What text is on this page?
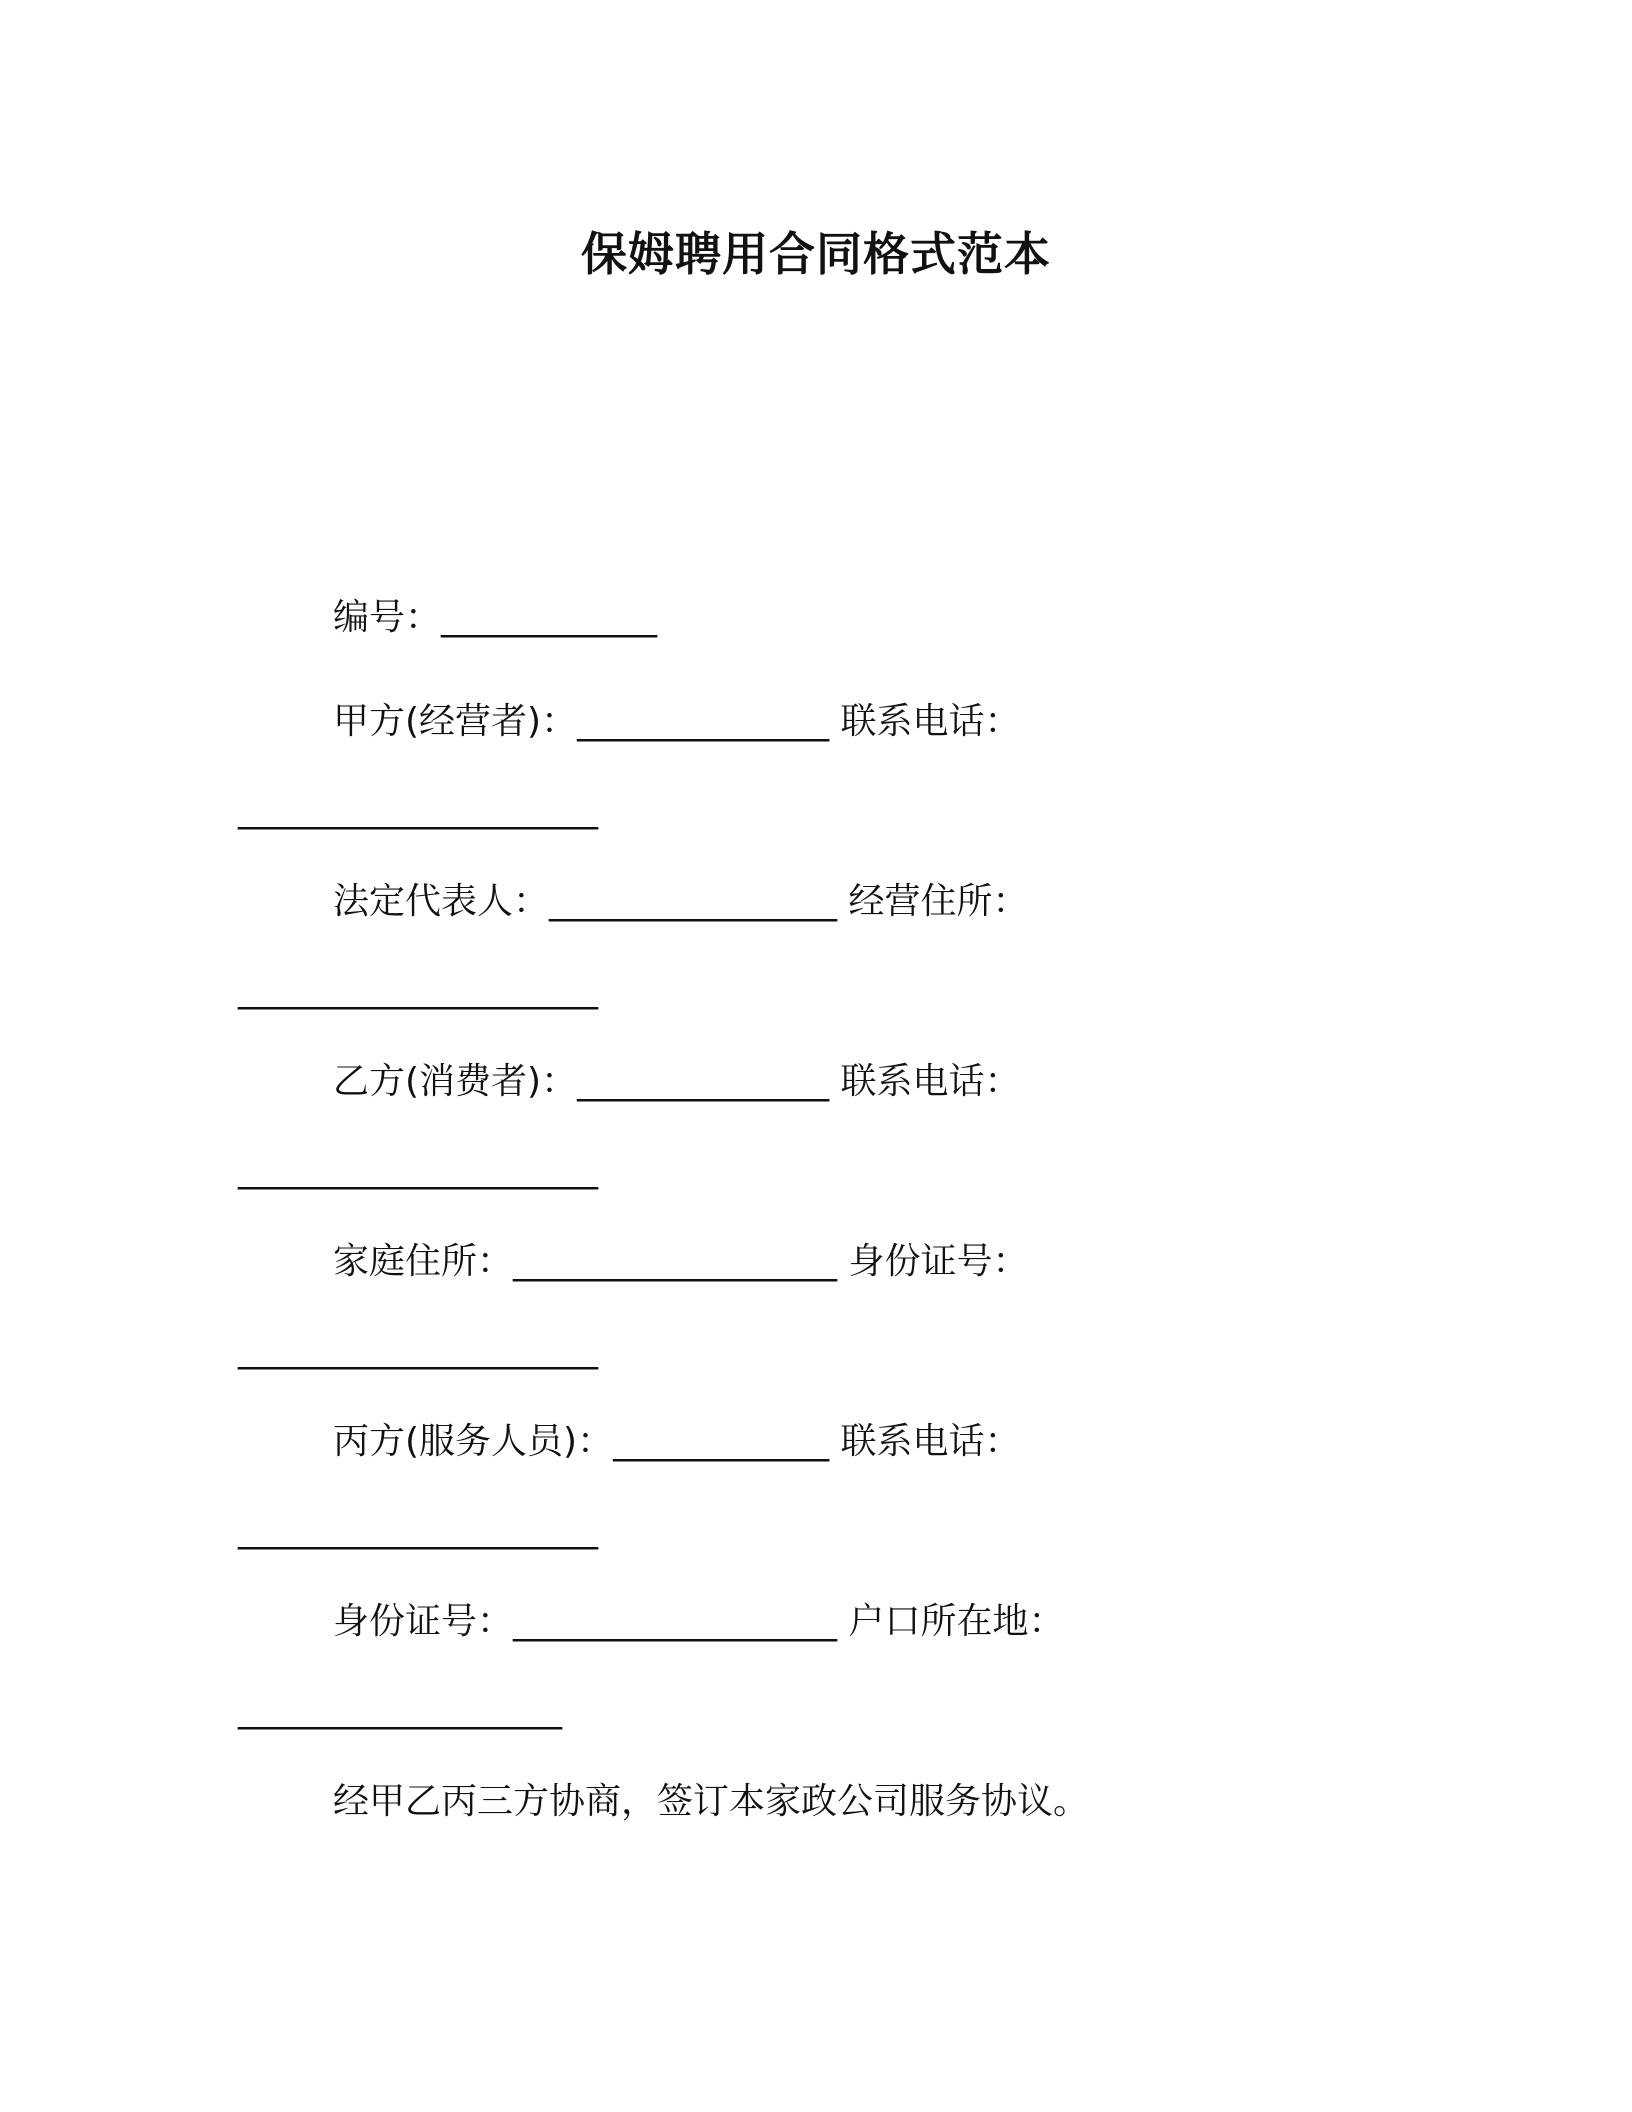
保姆聘用合同格式范本

编号：____________

甲方(经营者)：______________ 联系电话：

____________________

法定代表人：________________ 经营住所：

____________________

乙方(消费者)：______________ 联系电话：

____________________

家庭住所：__________________ 身份证号：

____________________

丙方(服务人员)：____________ 联系电话：

____________________

身份证号：__________________ 户口所在地：

__________________

经甲乙丙三方协商，签订本家政公司服务协议。
